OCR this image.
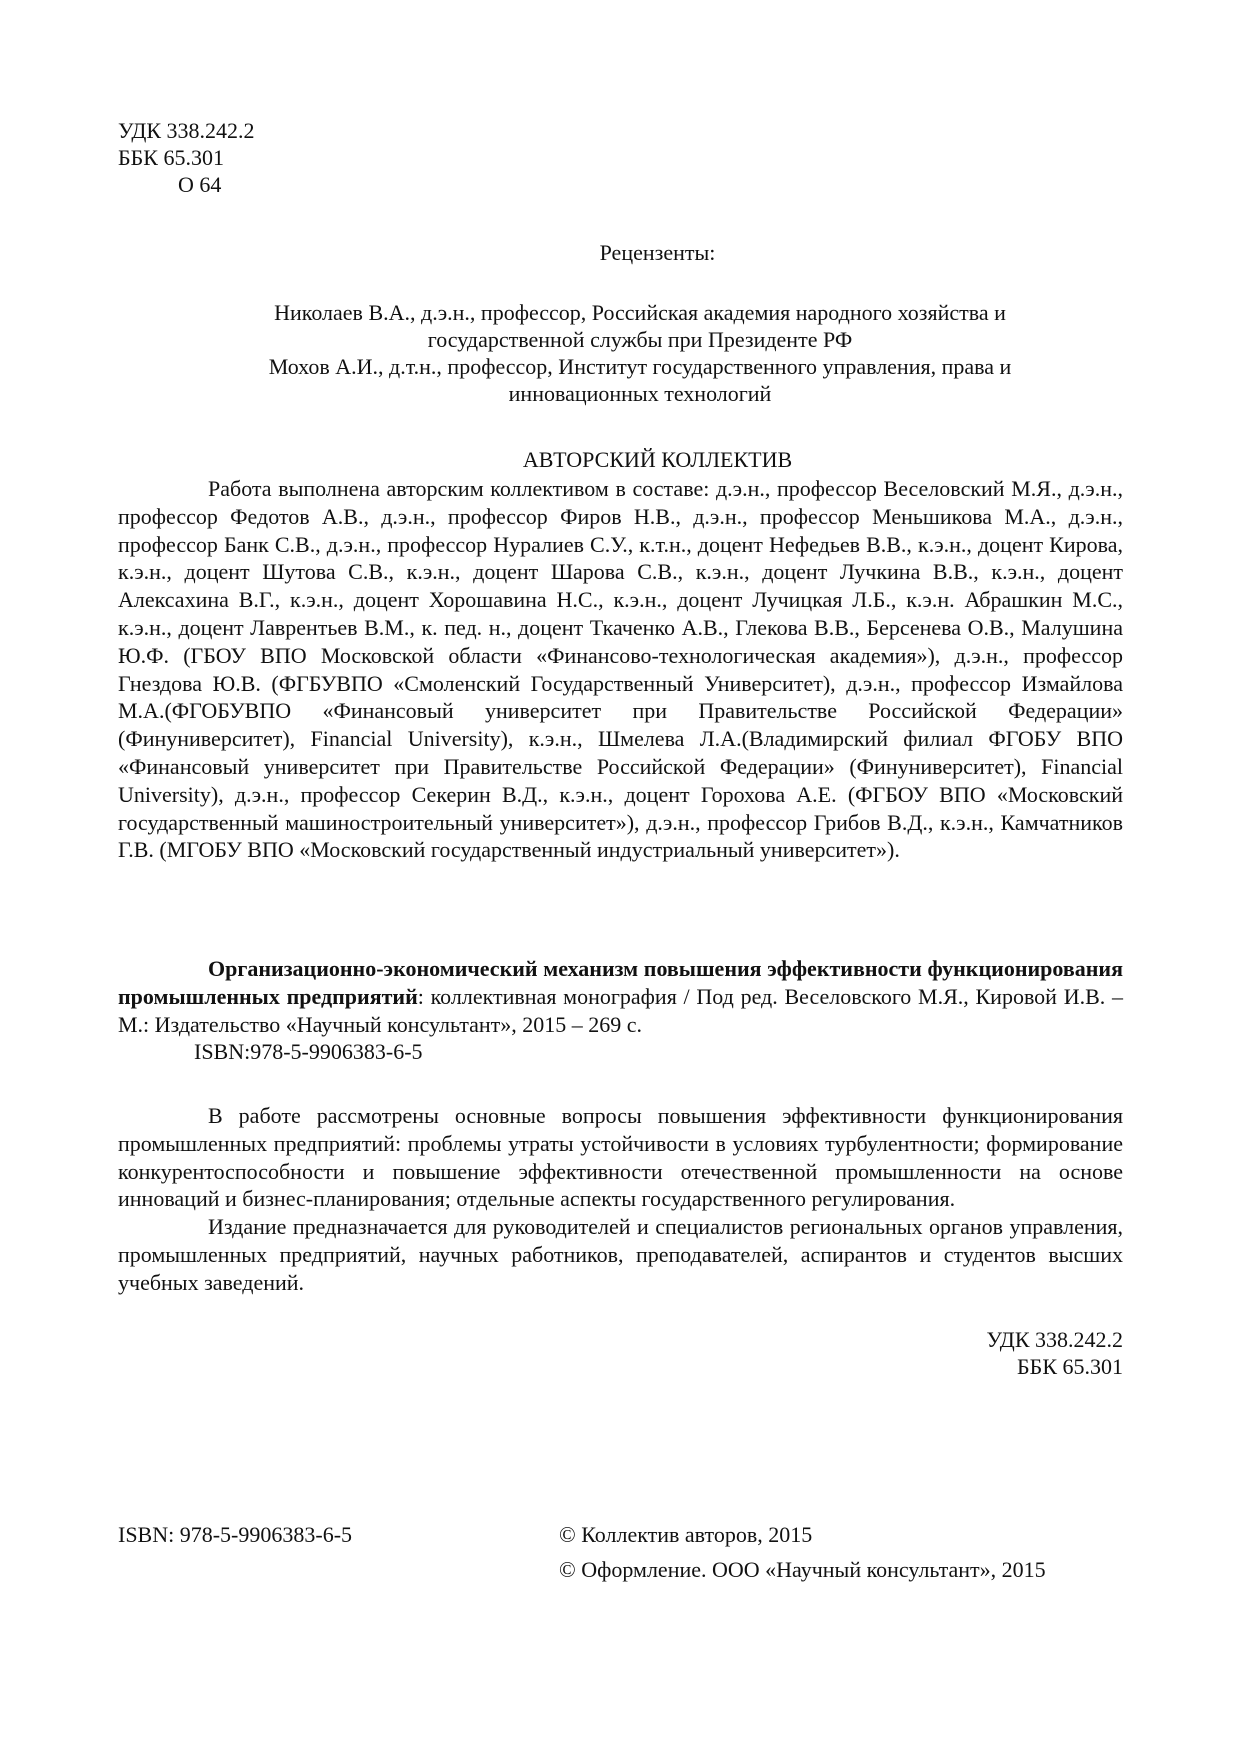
УДК 338.242.2
ББК 65.301
О 64
Рецензенты:
Николаев В.А., д.э.н., профессор, Российская академия народного хозяйства и
государственной службы при Президенте РФ
Мохов А.И., д.т.н., профессор, Институт государственного управления, права и
инновационных технологий
АВТОРСКИЙ КОЛЛЕКТИВ
Работа выполнена авторским коллективом в составе: д.э.н., профессор Веселовский М.Я., д.э.н., профессор Федотов А.В., д.э.н., профессор Фиров Н.В., д.э.н., профессор Меньшикова М.А., д.э.н., профессор Банк С.В., д.э.н., профессор Нуралиев С.У., к.т.н., доцент Нефедьев В.В., к.э.н., доцент Кирова, к.э.н., доцент Шутова С.В., к.э.н., доцент Шарова С.В., к.э.н., доцент Лучкина В.В., к.э.н., доцент Алексахина В.Г., к.э.н., доцент Хорошавина Н.С., к.э.н., доцент Лучицкая Л.Б., к.э.н. Абрашкин М.С., к.э.н., доцент Лаврентьев В.М., к. пед. н., доцент Ткаченко А.В., Глекова В.В., Берсенева О.В., Малушина Ю.Ф. (ГБОУ ВПО Московской области «Финансово-технологическая академия»), д.э.н., профессор Гнездова Ю.В. (ФГБУВПО «Смоленский Государственный Университет), д.э.н., профессор Измайлова М.А.(ФГОБУВПО «Финансовый университет при Правительстве Российской Федерации» (Финуниверситет), Financial University), к.э.н., Шмелева Л.А.(Владимирский филиал ФГОБУ ВПО «Финансовый университет при Правительстве Российской Федерации» (Финуниверситет), Financial University), д.э.н., профессор Секерин В.Д., к.э.н., доцент Горохова А.Е. (ФГБОУ ВПО «Московский государственный машиностроительный университет»), д.э.н., профессор Грибов В.Д., к.э.н., Камчатников Г.В. (МГОБУ ВПО «Московский государственный индустриальный университет»).
Организационно-экономический механизм повышения эффективности функционирования промышленных предприятий: коллективная монография / Под ред. Веселовского М.Я., Кировой И.В. – М.: Издательство «Научный консультант», 2015 – 269 с.
ISBN:978-5-9906383-6-5

В работе рассмотрены основные вопросы повышения эффективности функционирования промышленных предприятий: проблемы утраты устойчивости в условиях турбулентности; формирование конкурентоспособности и повышение эффективности отечественной промышленности на основе инноваций и бизнес-планирования; отдельные аспекты государственного регулирования.

Издание предназначается для руководителей и специалистов региональных органов управления, промышленных предприятий, научных работников, преподавателей, аспирантов и студентов высших учебных заведений.

УДК 338.242.2
ББК 65.301
ISBN: 978-5-9906383-6-5	© Коллектив авторов, 2015
© Оформление. ООО «Научный консультант», 2015
